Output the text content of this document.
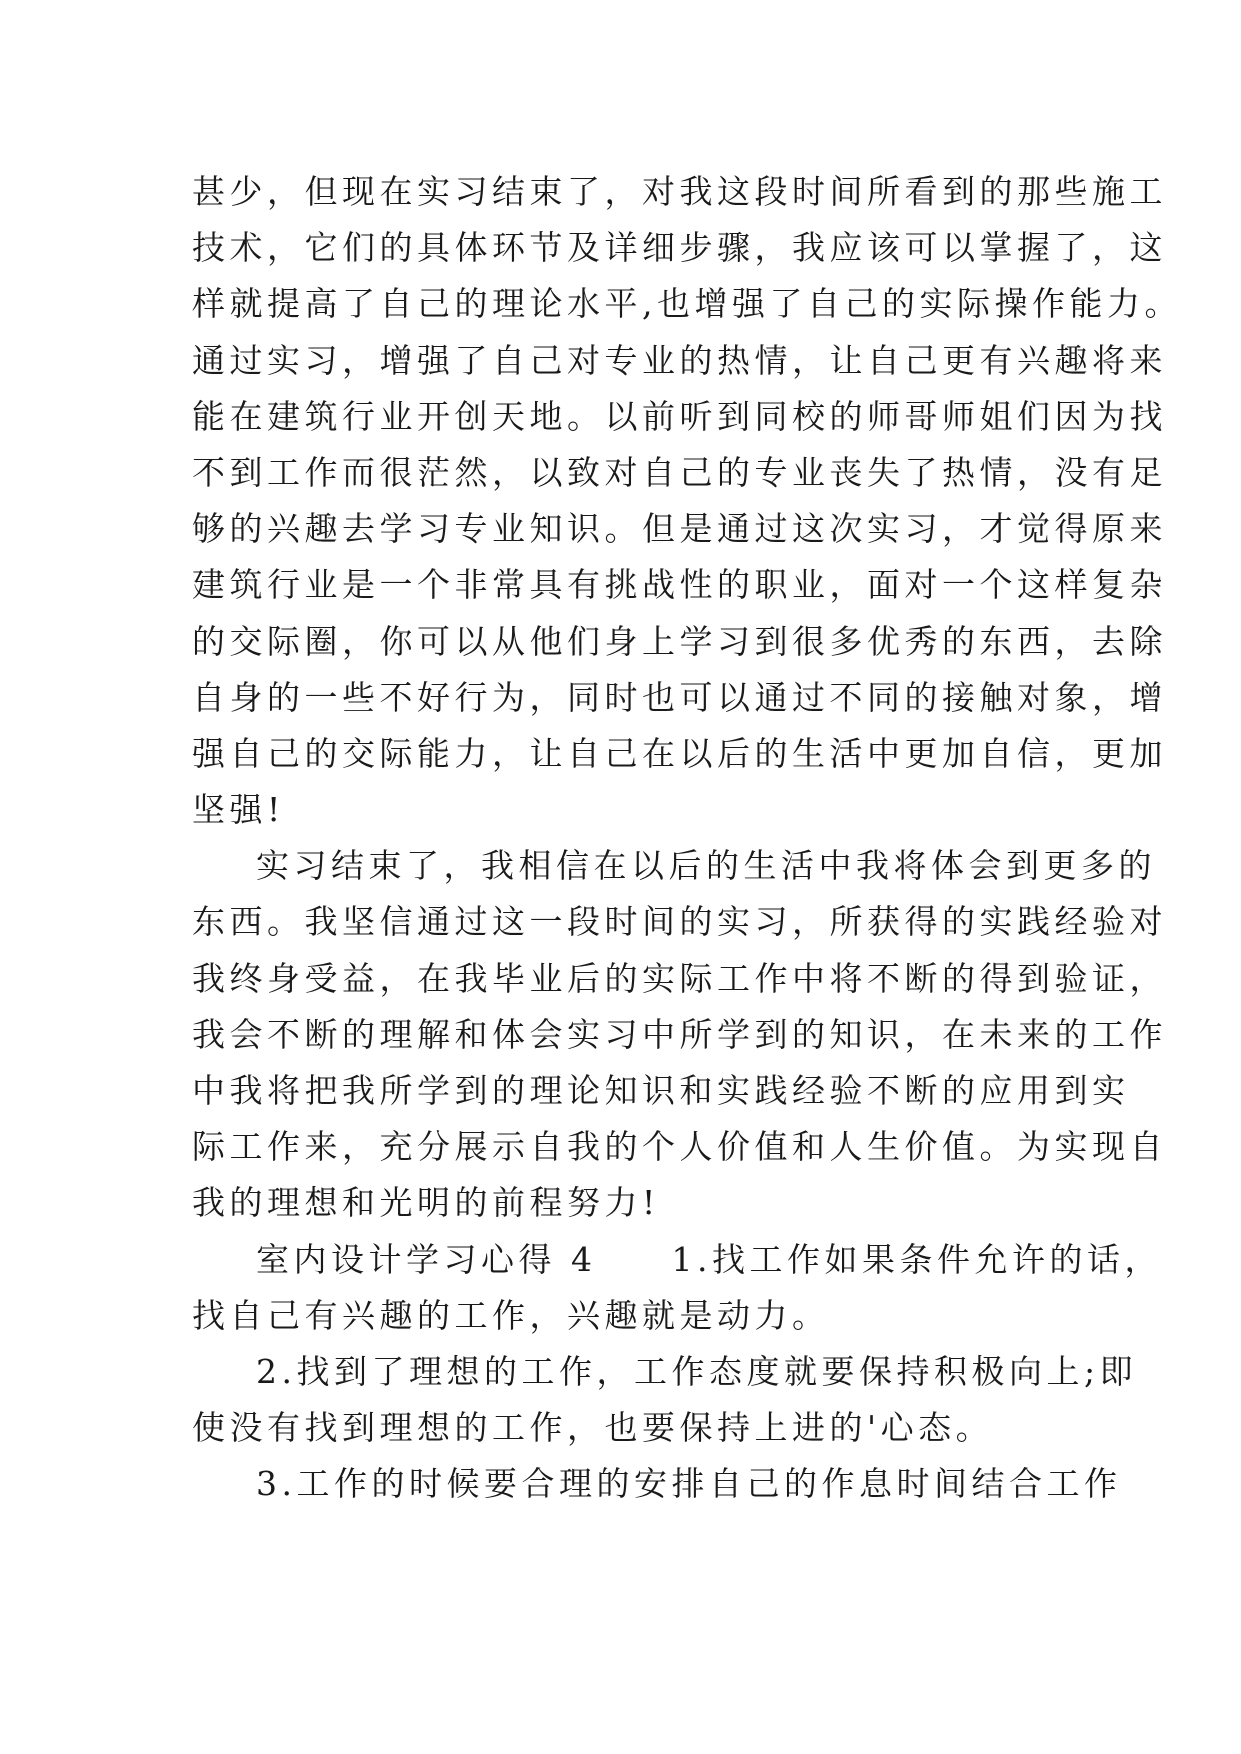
甚少，但现在实习结束了，对我这段时间所看到的那些施工
技术，它们的具体环节及详细步骤，我应该可以掌握了，这
样就提高了自己的理论水平,也增强了自己的实际操作能力。
通过实习，增强了自己对专业的热情，让自己更有兴趣将来
能在建筑行业开创天地。以前听到同校的师哥师姐们因为找
不到工作而很茫然，以致对自己的专业丧失了热情，没有足
够的兴趣去学习专业知识。但是通过这次实习，才觉得原来
建筑行业是一个非常具有挑战性的职业，面对一个这样复杂
的交际圈，你可以从他们身上学习到很多优秀的东西，去除
自身的一些不好行为，同时也可以通过不同的接触对象，增
强自己的交际能力，让自己在以后的生活中更加自信，更加
坚强!
实习结束了，我相信在以后的生活中我将体会到更多的
东西。我坚信通过这一段时间的实习，所获得的实践经验对
我终身受益，在我毕业后的实际工作中将不断的得到验证，
我会不断的理解和体会实习中所学到的知识，在未来的工作
中我将把我所学到的理论知识和实践经验不断的应用到实
际工作来，充分展示自我的个人价值和人生价值。为实现自
我的理想和光明的前程努力!
室内设计学习心得 4　　1.找工作如果条件允许的话，
找自己有兴趣的工作，兴趣就是动力。
2.找到了理想的工作，工作态度就要保持积极向上;即
使没有找到理想的工作，也要保持上进的'心态。
3.工作的时候要合理的安排自己的作息时间结合工作
